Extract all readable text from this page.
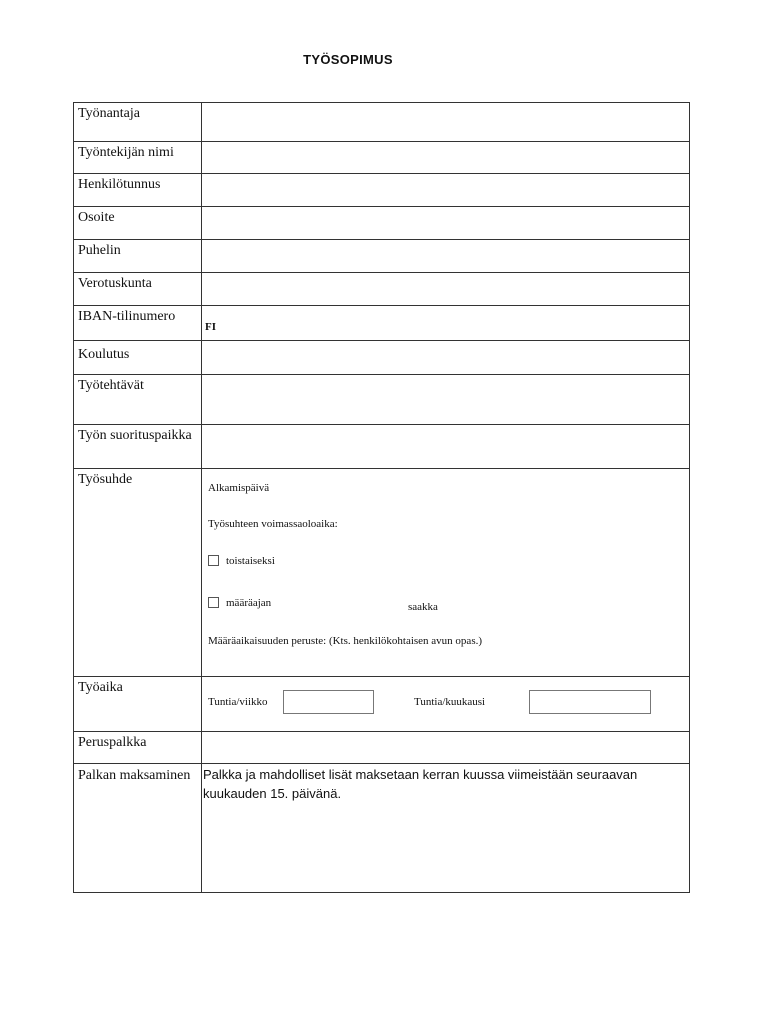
TYÖSOPIMUS
Työnantaja
Työntekijän nimi
Henkilötunnus
Osoite
Puhelin
Verotuskunta
IBAN-tilinumero
FI
Koulutus
Työtehtävät
Työn suorituspaikka
Työsuhde
Alkamispäivä
Työsuhteen voimassaoloaika:
toistaiseksi
määräajan	saakka
Määräaikaisuuden peruste: (Kts. henkilökohtaisen avun opas.)
Työaika
Tuntia/viikko	Tuntia/kuukausi
Peruspalkka
Palkan maksaminen Palkka ja mahdolliset lisät maksetaan kerran kuussa viimeistään seuraavan kuukauden 15. päivänä.
